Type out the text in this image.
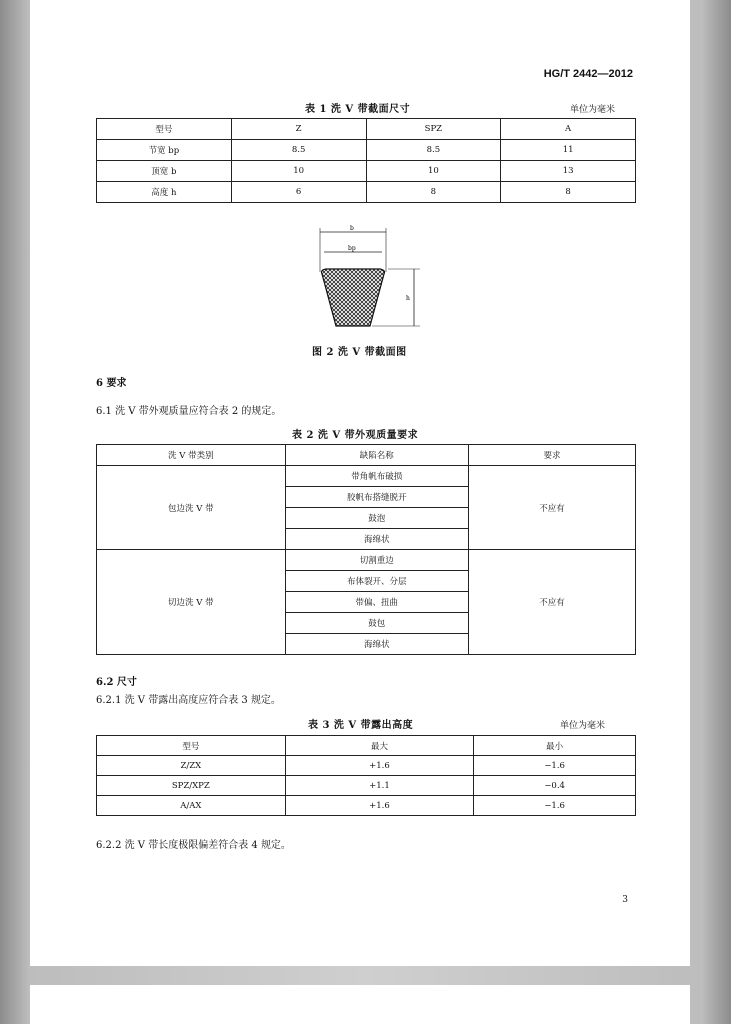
HG/T 2442—2012
表 1 洗 V 带截面尺寸	单位为毫米
型号	Z	SPZ	A
节宽 bp	8.5	8.5	11
顶宽 b	10	10	13
高度 h	6	8	8
b
bp
h
图 2 洗 V 带截面图
6 要求
6.1 洗 V 带外观质量应符合表 2 的规定。
表 2 洗 V 带外观质量要求
洗 V 带类别	缺陷名称	要求
包边洗 V 带	带角帆布破损	不应有
	胶帆布搭缝脱开	
	鼓泡	
	海绵状	
切边洗 V 带	切割重边	不应有
	布体裂开、分层	
	带偏、扭曲	
	鼓包	
	海绵状	
6.2 尺寸
6.2.1 洗 V 带露出高度应符合表 3 规定。
表 3 洗 V 带露出高度	单位为毫米
型号	最大	最小
Z/ZX	+1.6	−1.6
SPZ/XPZ	+1.1	−0.4
A/AX	+1.6	−1.6
6.2.2 洗 V 带长度极限偏差符合表 4 规定。
3
